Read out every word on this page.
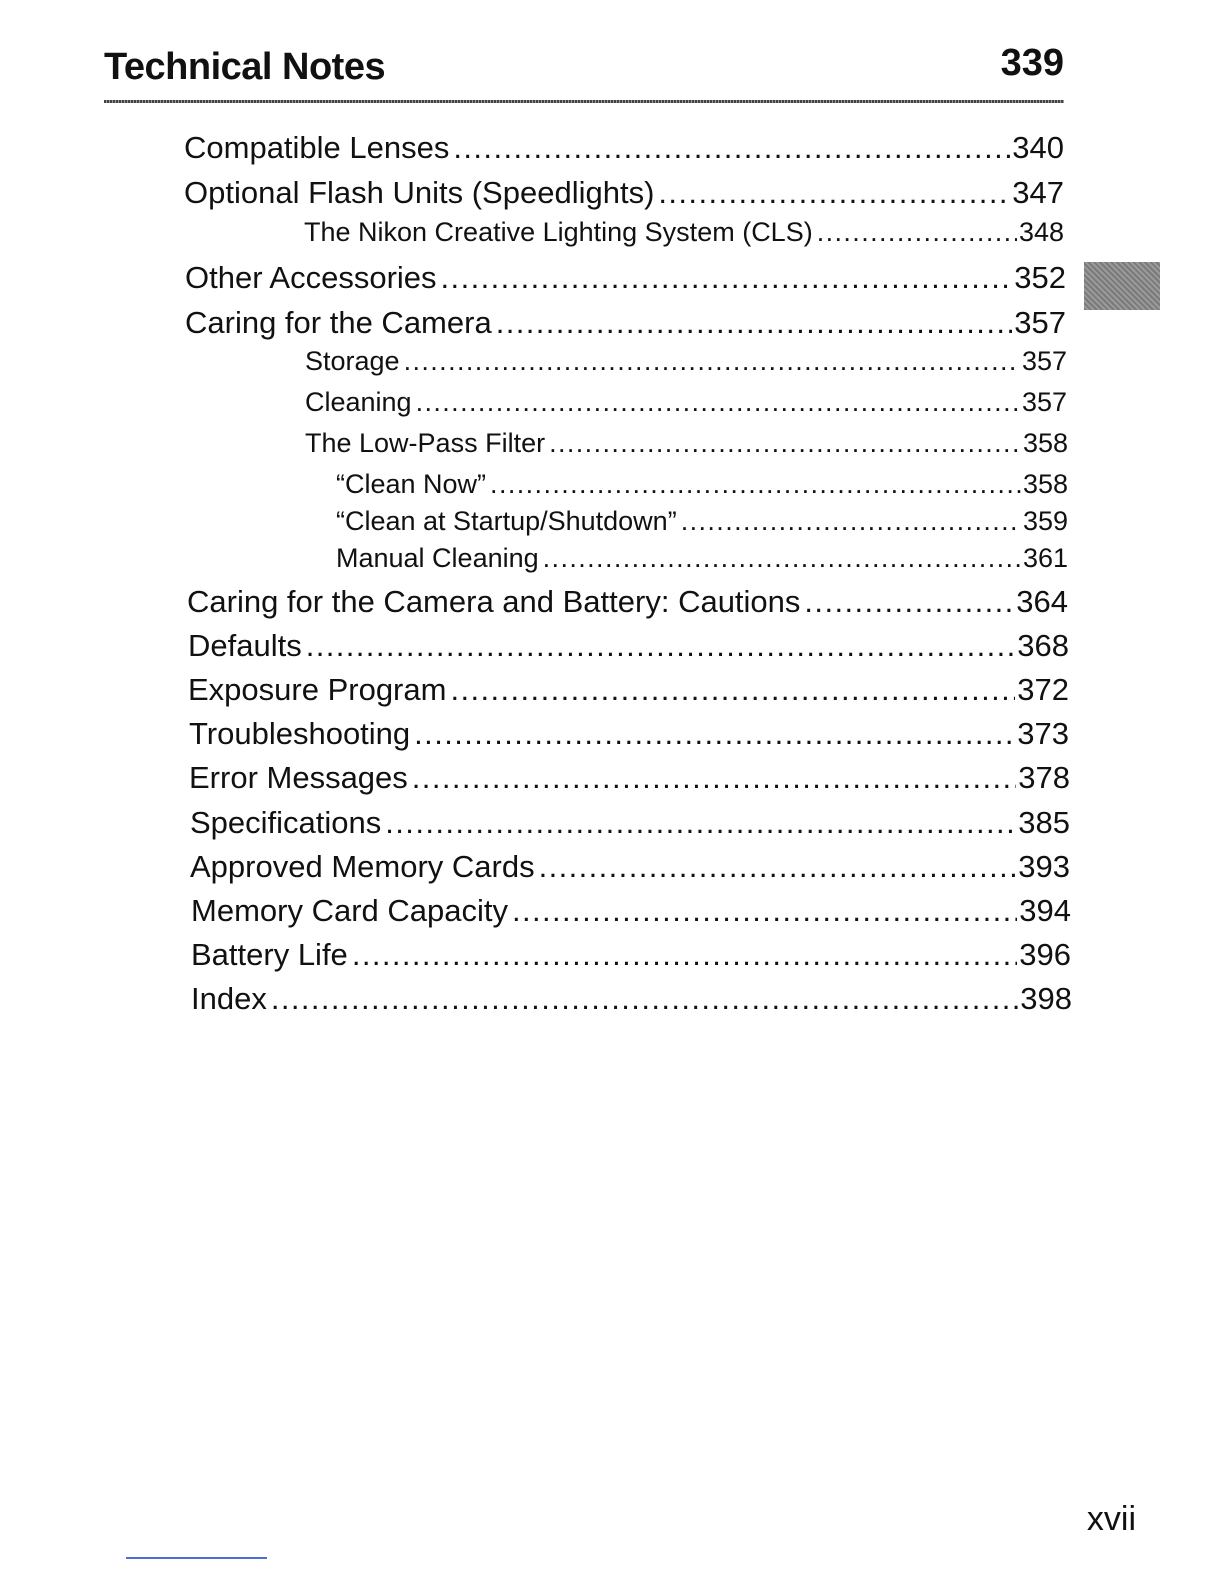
Technical Notes	339
Compatible Lenses .....	340
Optional Flash Units (Speedlights) .....	347
The Nikon Creative Lighting System (CLS) .....	348
Other Accessories .....	352
Caring for the Camera .....	357
Storage .....	357
Cleaning .....	357
The Low-Pass Filter .....	358
“Clean Now” .....	358
“Clean at Startup/Shutdown” .....	359
Manual Cleaning .....	361
Caring for the Camera and Battery: Cautions .....	364
Defaults .....	368
Exposure Program .....	372
Troubleshooting .....	373
Error Messages .....	378
Specifications .....	385
Approved Memory Cards .....	393
Memory Card Capacity .....	394
Battery Life .....	396
Index .....	398
xvii
